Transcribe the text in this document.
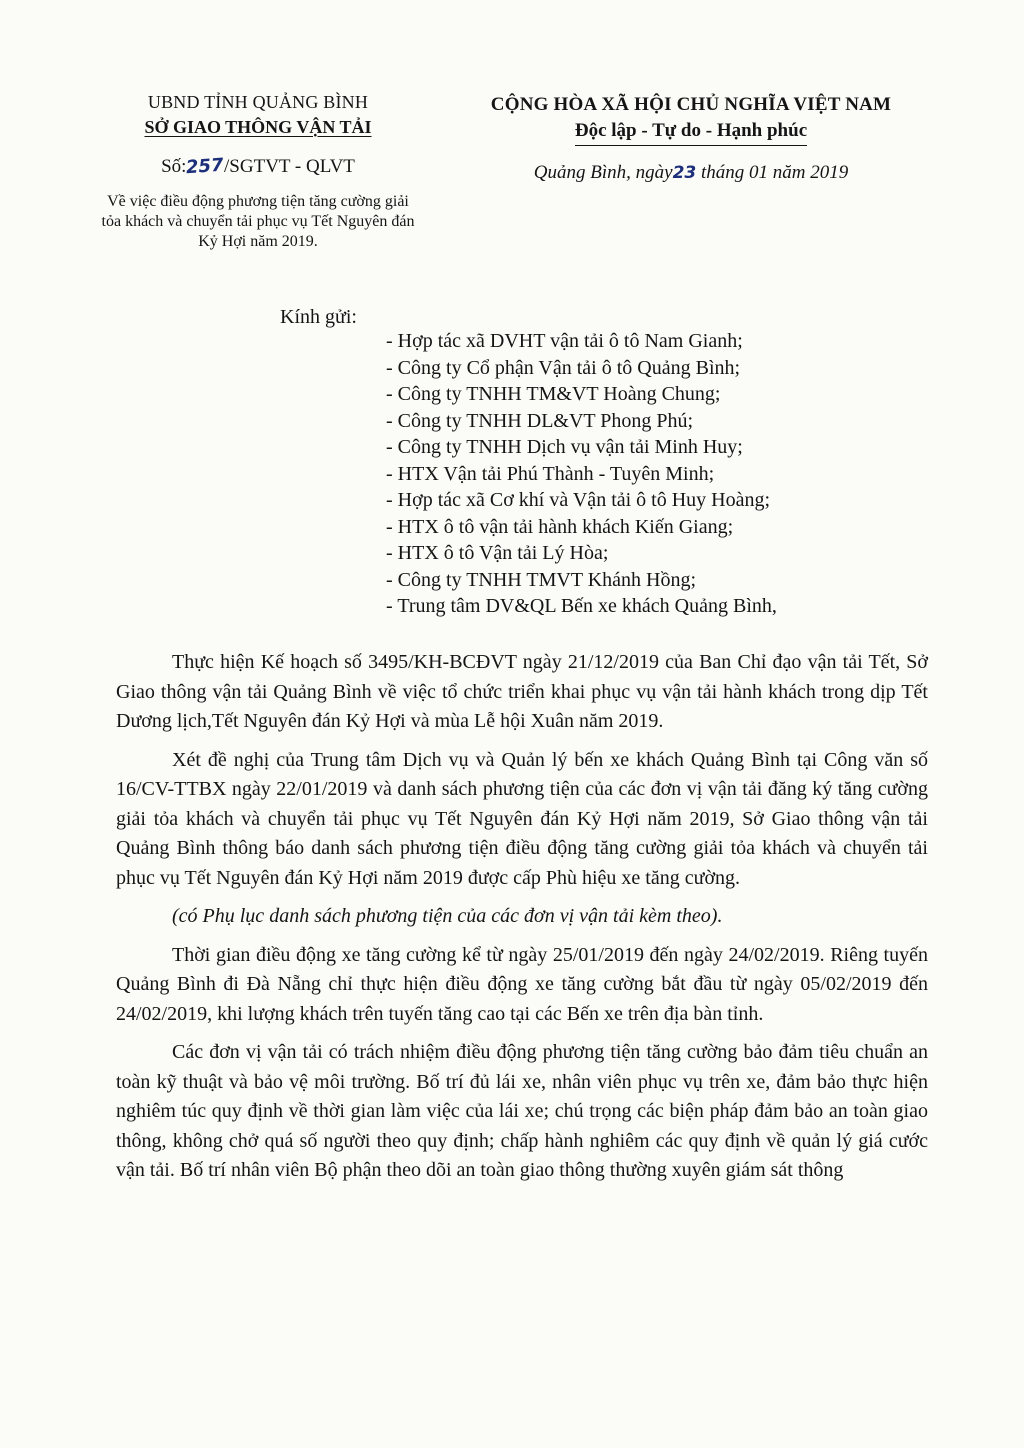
UBND TỈNH QUẢNG BÌNH
SỞ GIAO THÔNG VẬN TẢI
Số:257/SGTVT - QLVT
Về việc điều động phương tiện tăng cường giải tỏa khách và chuyển tải phục vụ Tết Nguyên đán Kỷ Hợi năm 2019.
CỘNG HÒA XÃ HỘI CHỦ NGHĨA VIỆT NAM
Độc lập - Tự do - Hạnh phúc
Quảng Bình, ngày23 tháng 01 năm 2019
Kính gửi:
- Hợp tác xã DVHT vận tải ô tô Nam Gianh;
- Công ty Cổ phận Vận tải ô tô Quảng Bình;
- Công ty TNHH TM&VT Hoàng Chung;
- Công ty TNHH DL&VT Phong Phú;
- Công ty TNHH Dịch vụ vận tải Minh Huy;
- HTX Vận tải Phú Thành - Tuyên Minh;
- Hợp tác xã Cơ khí và Vận tải ô tô Huy Hoàng;
- HTX ô tô vận tải hành khách Kiến Giang;
- HTX ô tô Vận tải Lý Hòa;
- Công ty TNHH TMVT Khánh Hồng;
- Trung tâm DV&QL Bến xe khách Quảng Bình,

Thực hiện Kế hoạch số 3495/KH-BCĐVT ngày 21/12/2019 của Ban Chỉ đạo vận tải Tết, Sở Giao thông vận tải Quảng Bình về việc tổ chức triển khai phục vụ vận tải hành khách trong dịp Tết Dương lịch,Tết Nguyên đán Kỷ Hợi và mùa Lễ hội Xuân năm 2019.

Xét đề nghị của Trung tâm Dịch vụ và Quản lý bến xe khách Quảng Bình tại Công văn số 16/CV-TTBX ngày 22/01/2019 và danh sách phương tiện của các đơn vị vận tải đăng ký tăng cường giải tỏa khách và chuyển tải phục vụ Tết Nguyên đán Kỷ Hợi năm 2019, Sở Giao thông vận tải Quảng Bình thông báo danh sách phương tiện điều động tăng cường giải tỏa khách và chuyển tải phục vụ Tết Nguyên đán Kỷ Hợi năm 2019 được cấp Phù hiệu xe tăng cường.

(có Phụ lục danh sách phương tiện của các đơn vị vận tải kèm theo).

Thời gian điều động xe tăng cường kể từ ngày 25/01/2019 đến ngày 24/02/2019. Riêng tuyến Quảng Bình đi Đà Nẵng chỉ thực hiện điều động xe tăng cường bắt đầu từ ngày 05/02/2019 đến 24/02/2019, khi lượng khách trên tuyến tăng cao tại các Bến xe trên địa bàn tỉnh.

Các đơn vị vận tải có trách nhiệm điều động phương tiện tăng cường bảo đảm tiêu chuẩn an toàn kỹ thuật và bảo vệ môi trường. Bố trí đủ lái xe, nhân viên phục vụ trên xe, đảm bảo thực hiện nghiêm túc quy định về thời gian làm việc của lái xe; chú trọng các biện pháp đảm bảo an toàn giao thông, không chở quá số người theo quy định; chấp hành nghiêm các quy định về quản lý giá cước vận tải. Bố trí nhân viên Bộ phận theo dõi an toàn giao thông thường xuyên giám sát thông
